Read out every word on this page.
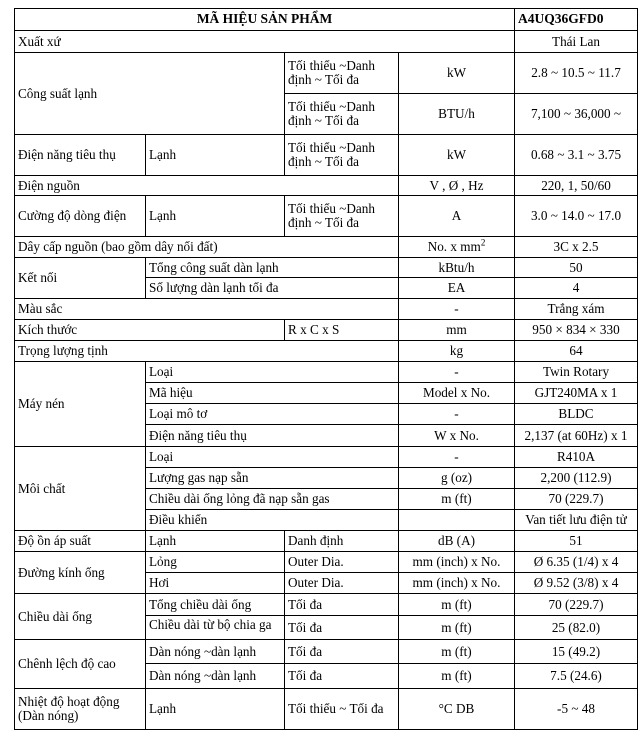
MÃ HIỆU SẢN PHẨM				A4UQ36GFD0
Xuất xứ				Thái Lan
Công suất lạnh		Tối thiểu ~Danh định ~ Tối đa	kW	2.8 ~ 10.5 ~ 11.7
		Tối thiểu ~Danh định ~ Tối đa	BTU/h	7,100 ~ 36,000 ~
Điện năng tiêu thụ	Lạnh	Tối thiểu ~Danh định ~ Tối đa	kW	0.68 ~ 3.1 ~ 3.75
Điện nguồn			V , Ø , Hz	220, 1, 50/60
Cường độ dòng điện	Lạnh	Tối thiểu ~Danh định ~ Tối đa	A	3.0 ~ 14.0 ~ 17.0
Dây cấp nguồn (bao gồm dây nối đất)			No. x $mm^2$	3C x 2.5
Kết nối	Tổng công suất dàn lạnh		kBtu/h	50
	Số lượng dàn lạnh tối đa		EA	4
Màu sắc			-	Trắng xám
Kích thước		R x C x S	mm	950 × 834 × 330
Trọng lượng tịnh			kg	64
Máy nén	Loại		-	Twin Rotary
	Mã hiệu		Model x No.	GJT240MA x 1
	Loại mô tơ		-	BLDC
	Điện năng tiêu thụ		W x No.	2,137 (at 60Hz) x 1
Môi chất	Loại		-	R410A
	Lượng gas nạp sẵn		g (oz)	2,200 (112.9)
	Chiều dài ống lỏng đã nạp sẵn gas		m (ft)	70 (229.7)
	Điều khiển			Van tiết lưu điện tử
Độ ồn áp suất	Lạnh	Danh định	dB (A)	51
Đường kính ống	Lỏng	Outer Dia.	mm (inch) x No.	Ø 6.35 (1/4) x 4
	Hơi	Outer Dia.	mm (inch) x No.	Ø 9.52 (3/8) x 4
Chiều dài ống	Tổng chiều dài ống	Tối đa	m (ft)	70 (229.7)

	Chiều dài từ bộ chia ga	Tối đa	m (ft)	25 (82.0)
Chênh lệch độ cao	Dàn nóng ~dàn lạnh	Tối đa	m (ft)	15 (49.2)
	Dàn nóng ~dàn lạnh	Tối đa	m (ft)	7.5 (24.6)
Nhiệt độ hoạt động (Dàn nóng)	Lạnh	Tối thiểu ~ Tối đa	°C DB	-5 ~ 48
